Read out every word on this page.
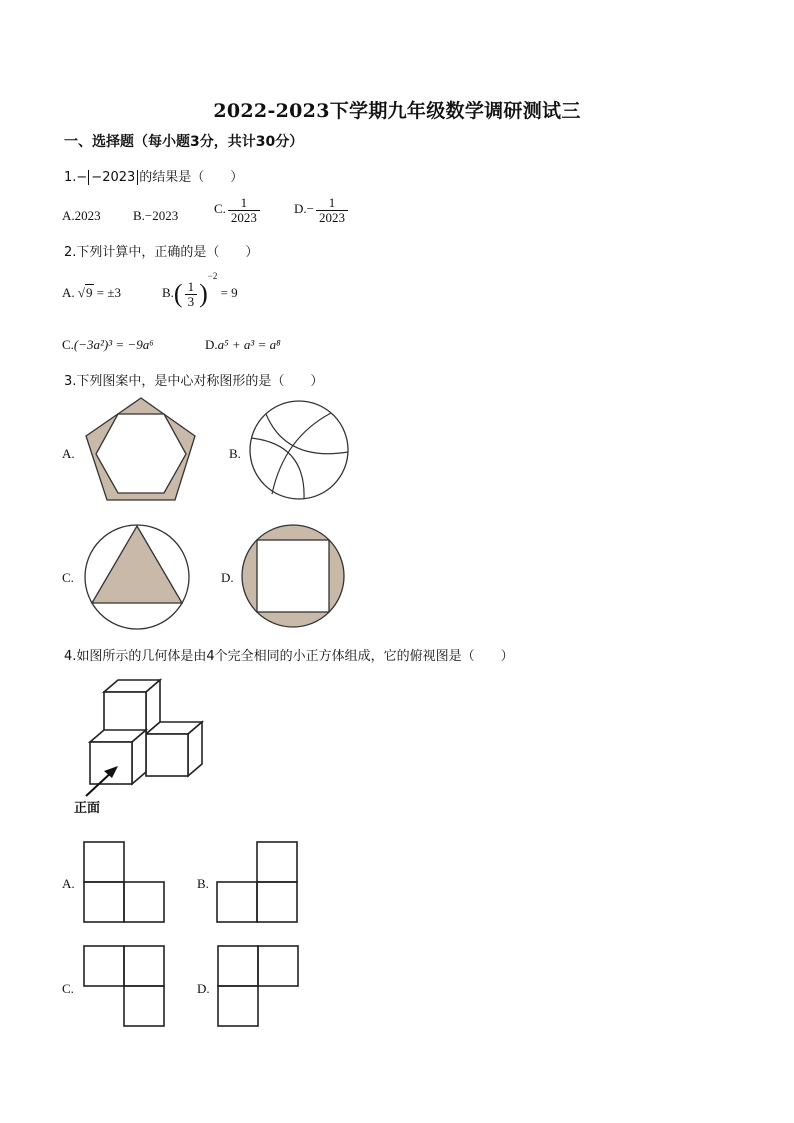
2022-2023下学期九年级数学调研测试三
一、选择题（每小题3分，共计30分）
1.− −2023 的结果是（　　）
A.2023 B.−2023	C. $\frac{1}{2023}$	$D.- \frac{1}{2023}$
2.下列计算中，正确的是（　　）
A. √9 = ±3	$B.( \frac{1}{3} )^{-2} = 9$
C.(−3a²)³ = −9a⁶	D.a⁵ + a³ = a⁸
3.下列图案中，是中心对称图形的是（　　）
A.	B.
C.	D.
4.如图所示的几何体是由4个完全相同的小正方体组成，它的俯视图是（　　）
正面
A.	B.
C.	D.
